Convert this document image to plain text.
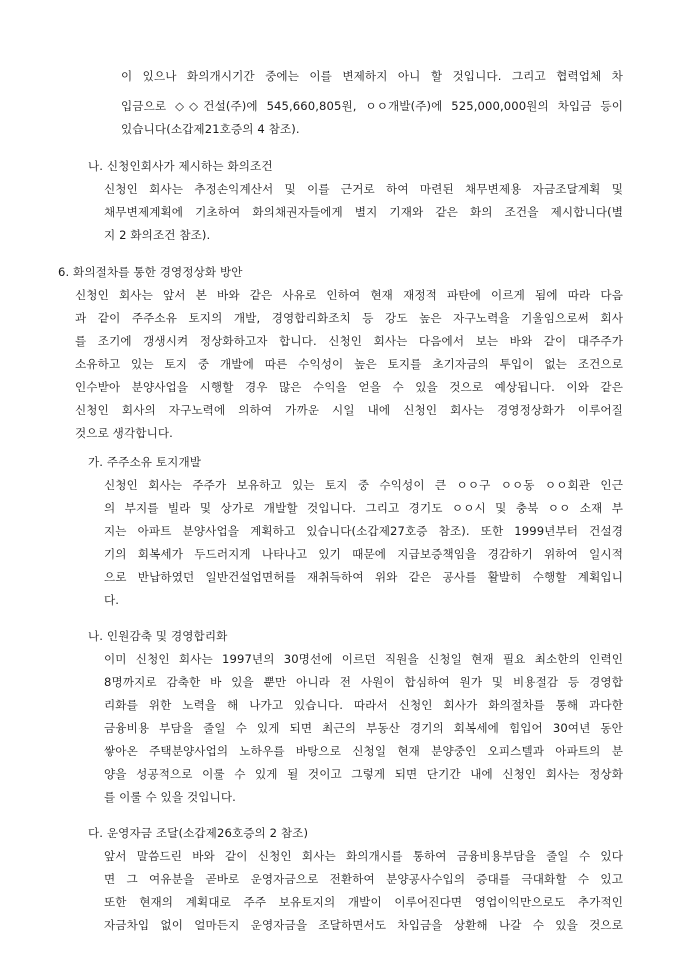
이 있으나 화의개시기간 중에는 이를 변제하지 아니 할 것입니다. 그리고 협력업체 차
입금으로 ◇◇건설(주)에 545,660,805원, ㅇㅇ개발(주)에 525,000,000원의 차입금 등이
있습니다(소갑제21호증의 4 참조).
나. 신청인회사가 제시하는 화의조건
신청인 회사는 추정손익계산서 및 이를 근거로 하여 마련된 채무변제용 자금조달계획 및
채무변제계획에 기초하여 화의채권자들에게 별지 기재와 같은 화의 조건을 제시합니다(별
지 2 화의조건 참조).
6. 화의절차를 통한 경영정상화 방안
신청인 회사는 앞서 본 바와 같은 사유로 인하여 현재 재정적 파탄에 이르게 됨에 따라 다음
과 같이 주주소유 토지의 개발, 경영합리화조치 등 강도 높은 자구노력을 기울임으로써 회사
를 조기에 갱생시켜 정상화하고자 합니다. 신청인 회사는 다음에서 보는 바와 같이 대주주가
소유하고 있는 토지 중 개발에 따른 수익성이 높은 토지를 초기자금의 투입이 없는 조건으로
인수받아 분양사업을 시행할 경우 많은 수익을 얻을 수 있을 것으로 예상됩니다. 이와 같은
신청인 회사의 자구노력에 의하여 가까운 시일 내에 신청인 회사는 경영정상화가 이루어질
것으로 생각합니다.
가. 주주소유 토지개발
신청인 회사는 주주가 보유하고 있는 토지 중 수익성이 큰 ㅇㅇ구 ㅇㅇ동 ㅇㅇ회관 인근
의 부지를 빌라 및 상가로 개발할 것입니다. 그리고 경기도 ㅇㅇ시 및 충북 ㅇㅇ 소재 부
지는 아파트 분양사업을 계획하고 있습니다(소갑제27호증 참조). 또한 1999년부터 건설경
기의 회복세가 두드러지게 나타나고 있기 때문에 지급보증책임을 경감하기 위하여 일시적
으로 반납하였던 일반건설업면허를 재취득하여 위와 같은 공사를 활발히 수행할 계획입니
다.
나. 인원감축 및 경영합리화
이미 신청인 회사는 1997년의 30명선에 이르던 직원을 신청일 현재 필요 최소한의 인력인
8명까지로 감축한 바 있을 뿐만 아니라 전 사원이 합심하여 원가 및 비용절감 등 경영합
리화를 위한 노력을 해 나가고 있습니다. 따라서 신청인 회사가 화의절차를 통해 과다한
금융비용 부담을 줄일 수 있게 되면 최근의 부동산 경기의 회복세에 힘입어 30여년 동안
쌓아온 주택분양사업의 노하우를 바탕으로 신청일 현재 분양중인 오피스텔과 아파트의 분
양을 성공적으로 이룰 수 있게 될 것이고 그렇게 되면 단기간 내에 신청인 회사는 정상화
를 이룰 수 있을 것입니다.
다. 운영자금 조달(소갑제26호증의 2 참조)
앞서 말씀드린 바와 같이 신청인 회사는 화의개시를 통하여 금융비용부담을 줄일 수 있다
면 그 여유분을 곧바로 운영자금으로 전환하여 분양공사수입의 증대를 극대화할 수 있고
또한 현재의 계획대로 주주 보유토지의 개발이 이루어진다면 영업이익만으로도 추가적인
자금차입 없이 얼마든지 운영자금을 조달하면서도 차입금을 상환해 나갈 수 있을 것으로
